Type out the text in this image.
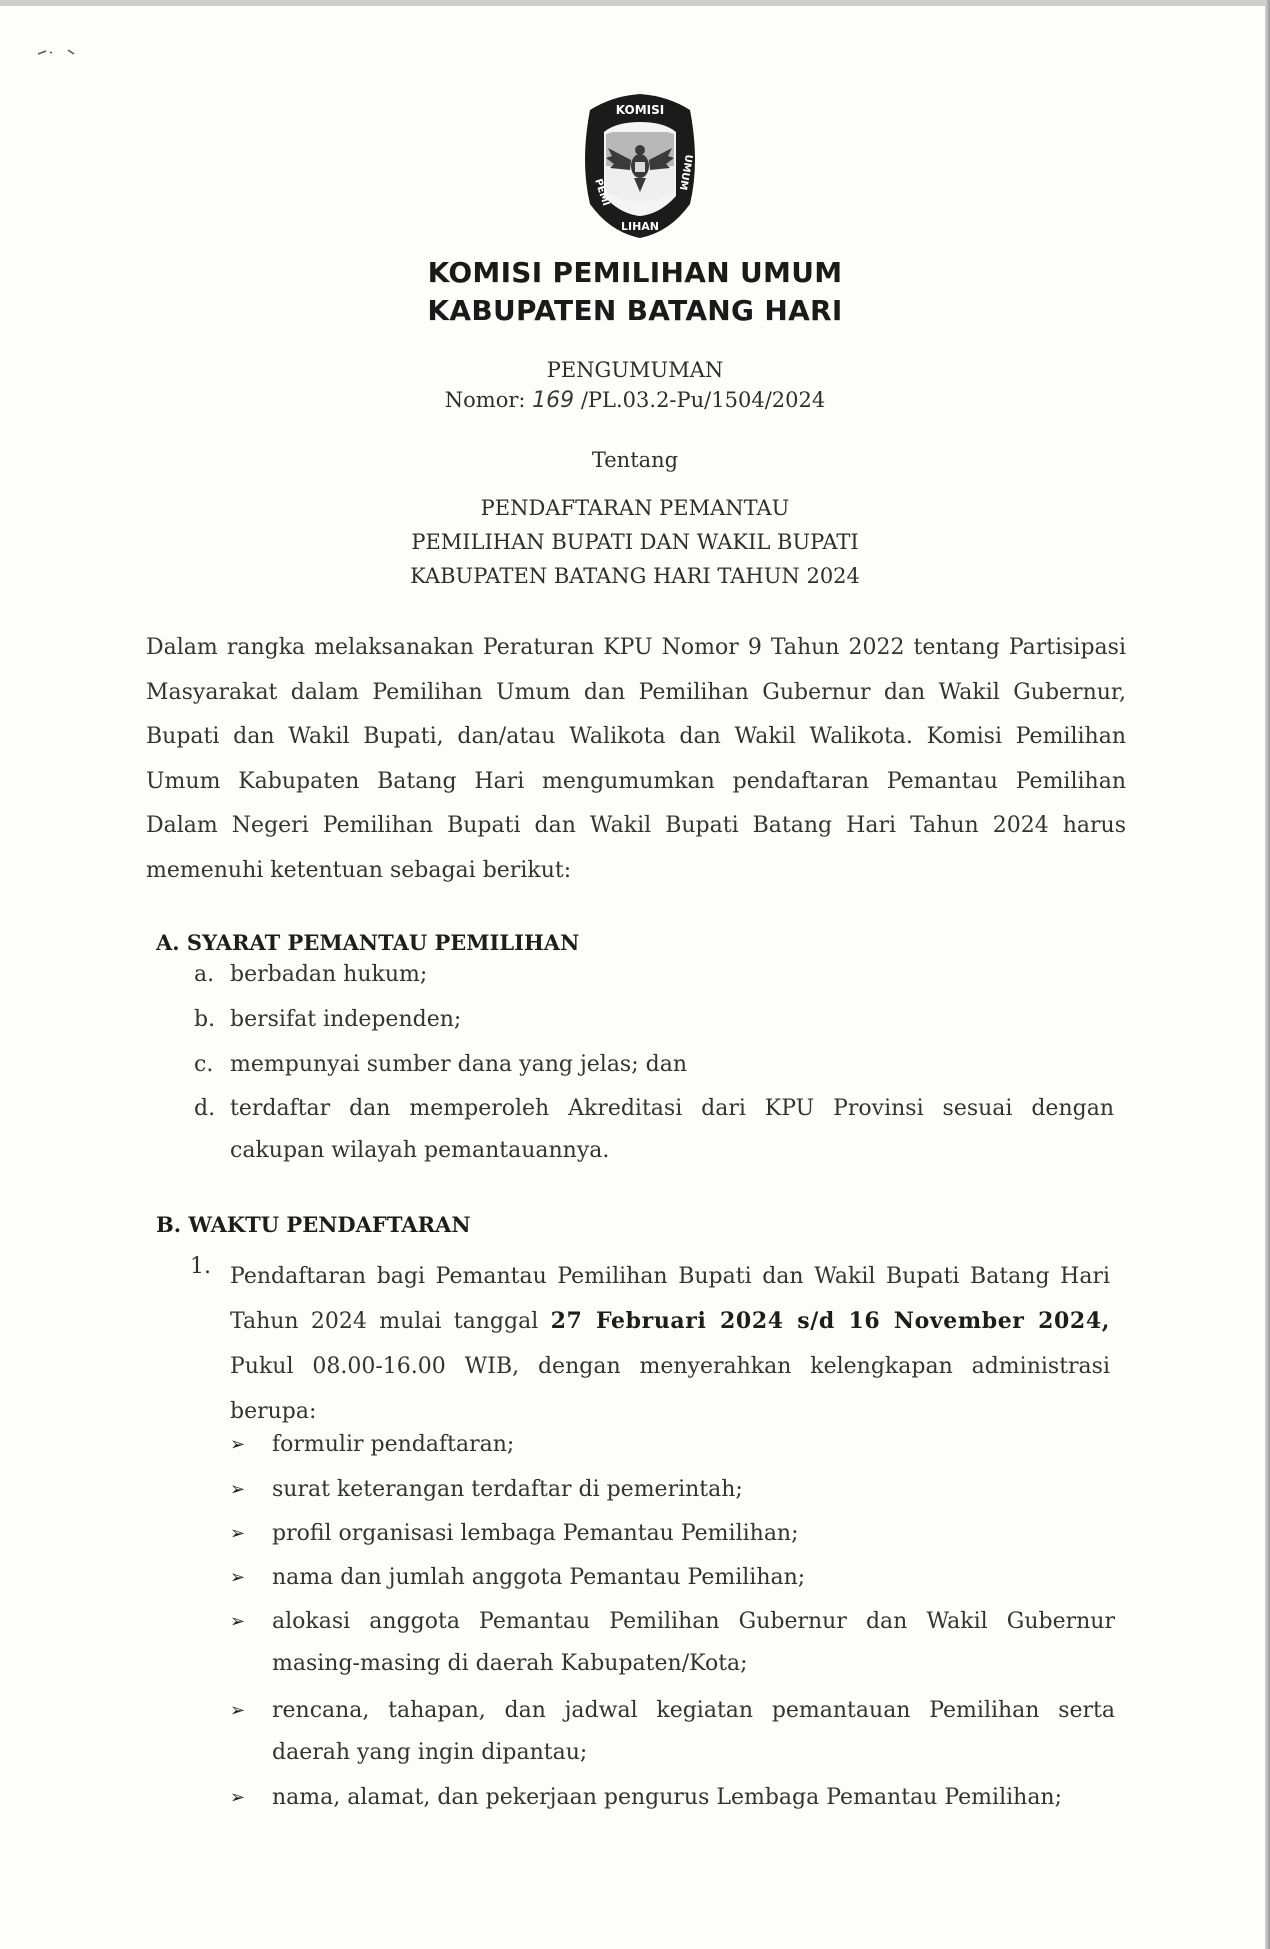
KOMISI
PEMI
LIHAN
UMUM
KOMISI PEMILIHAN UMUM
KABUPATEN BATANG HARI
PENGUMUMAN
Nomor: 169 /PL.03.2-Pu/1504/2024
Tentang
PENDAFTARAN PEMANTAU
PEMILIHAN BUPATI DAN WAKIL BUPATI
KABUPATEN BATANG HARI TAHUN 2024

Dalam rangka melaksanakan Peraturan KPU Nomor 9 Tahun 2022 tentang Partisipasi Masyarakat dalam Pemilihan Umum dan Pemilihan Gubernur dan Wakil Gubernur, Bupati dan Wakil Bupati, dan/atau Walikota dan Wakil Walikota. Komisi Pemilihan Umum Kabupaten Batang Hari mengumumkan pendaftaran Pemantau Pemilihan Dalam Negeri Pemilihan Bupati dan Wakil Bupati Batang Hari Tahun 2024 harus memenuhi ketentuan sebagai berikut:

A. SYARAT PEMANTAU PEMILIHAN
a. berbadan hukum;
b. bersifat independen;
c. mempunyai sumber dana yang jelas; dan
d. terdaftar dan memperoleh Akreditasi dari KPU Provinsi sesuai dengan cakupan wilayah pemantauannya.
B. WAKTU PENDAFTARAN
1. Pendaftaran bagi Pemantau Pemilihan Bupati dan Wakil Bupati Batang Hari Tahun 2024 mulai tanggal 27 Februari 2024 s/d 16 November 2024, Pukul 08.00-16.00 WIB, dengan menyerahkan kelengkapan administrasi berupa:
➢ formulir pendaftaran;
➢ surat keterangan terdaftar di pemerintah;
➢ profil organisasi lembaga Pemantau Pemilihan;
➢ nama dan jumlah anggota Pemantau Pemilihan;
➢ alokasi anggota Pemantau Pemilihan Gubernur dan Wakil Gubernur masing-masing di daerah Kabupaten/Kota;
➢ rencana, tahapan, dan jadwal kegiatan pemantauan Pemilihan serta daerah yang ingin dipantau;
➢ nama, alamat, dan pekerjaan pengurus Lembaga Pemantau Pemilihan;
